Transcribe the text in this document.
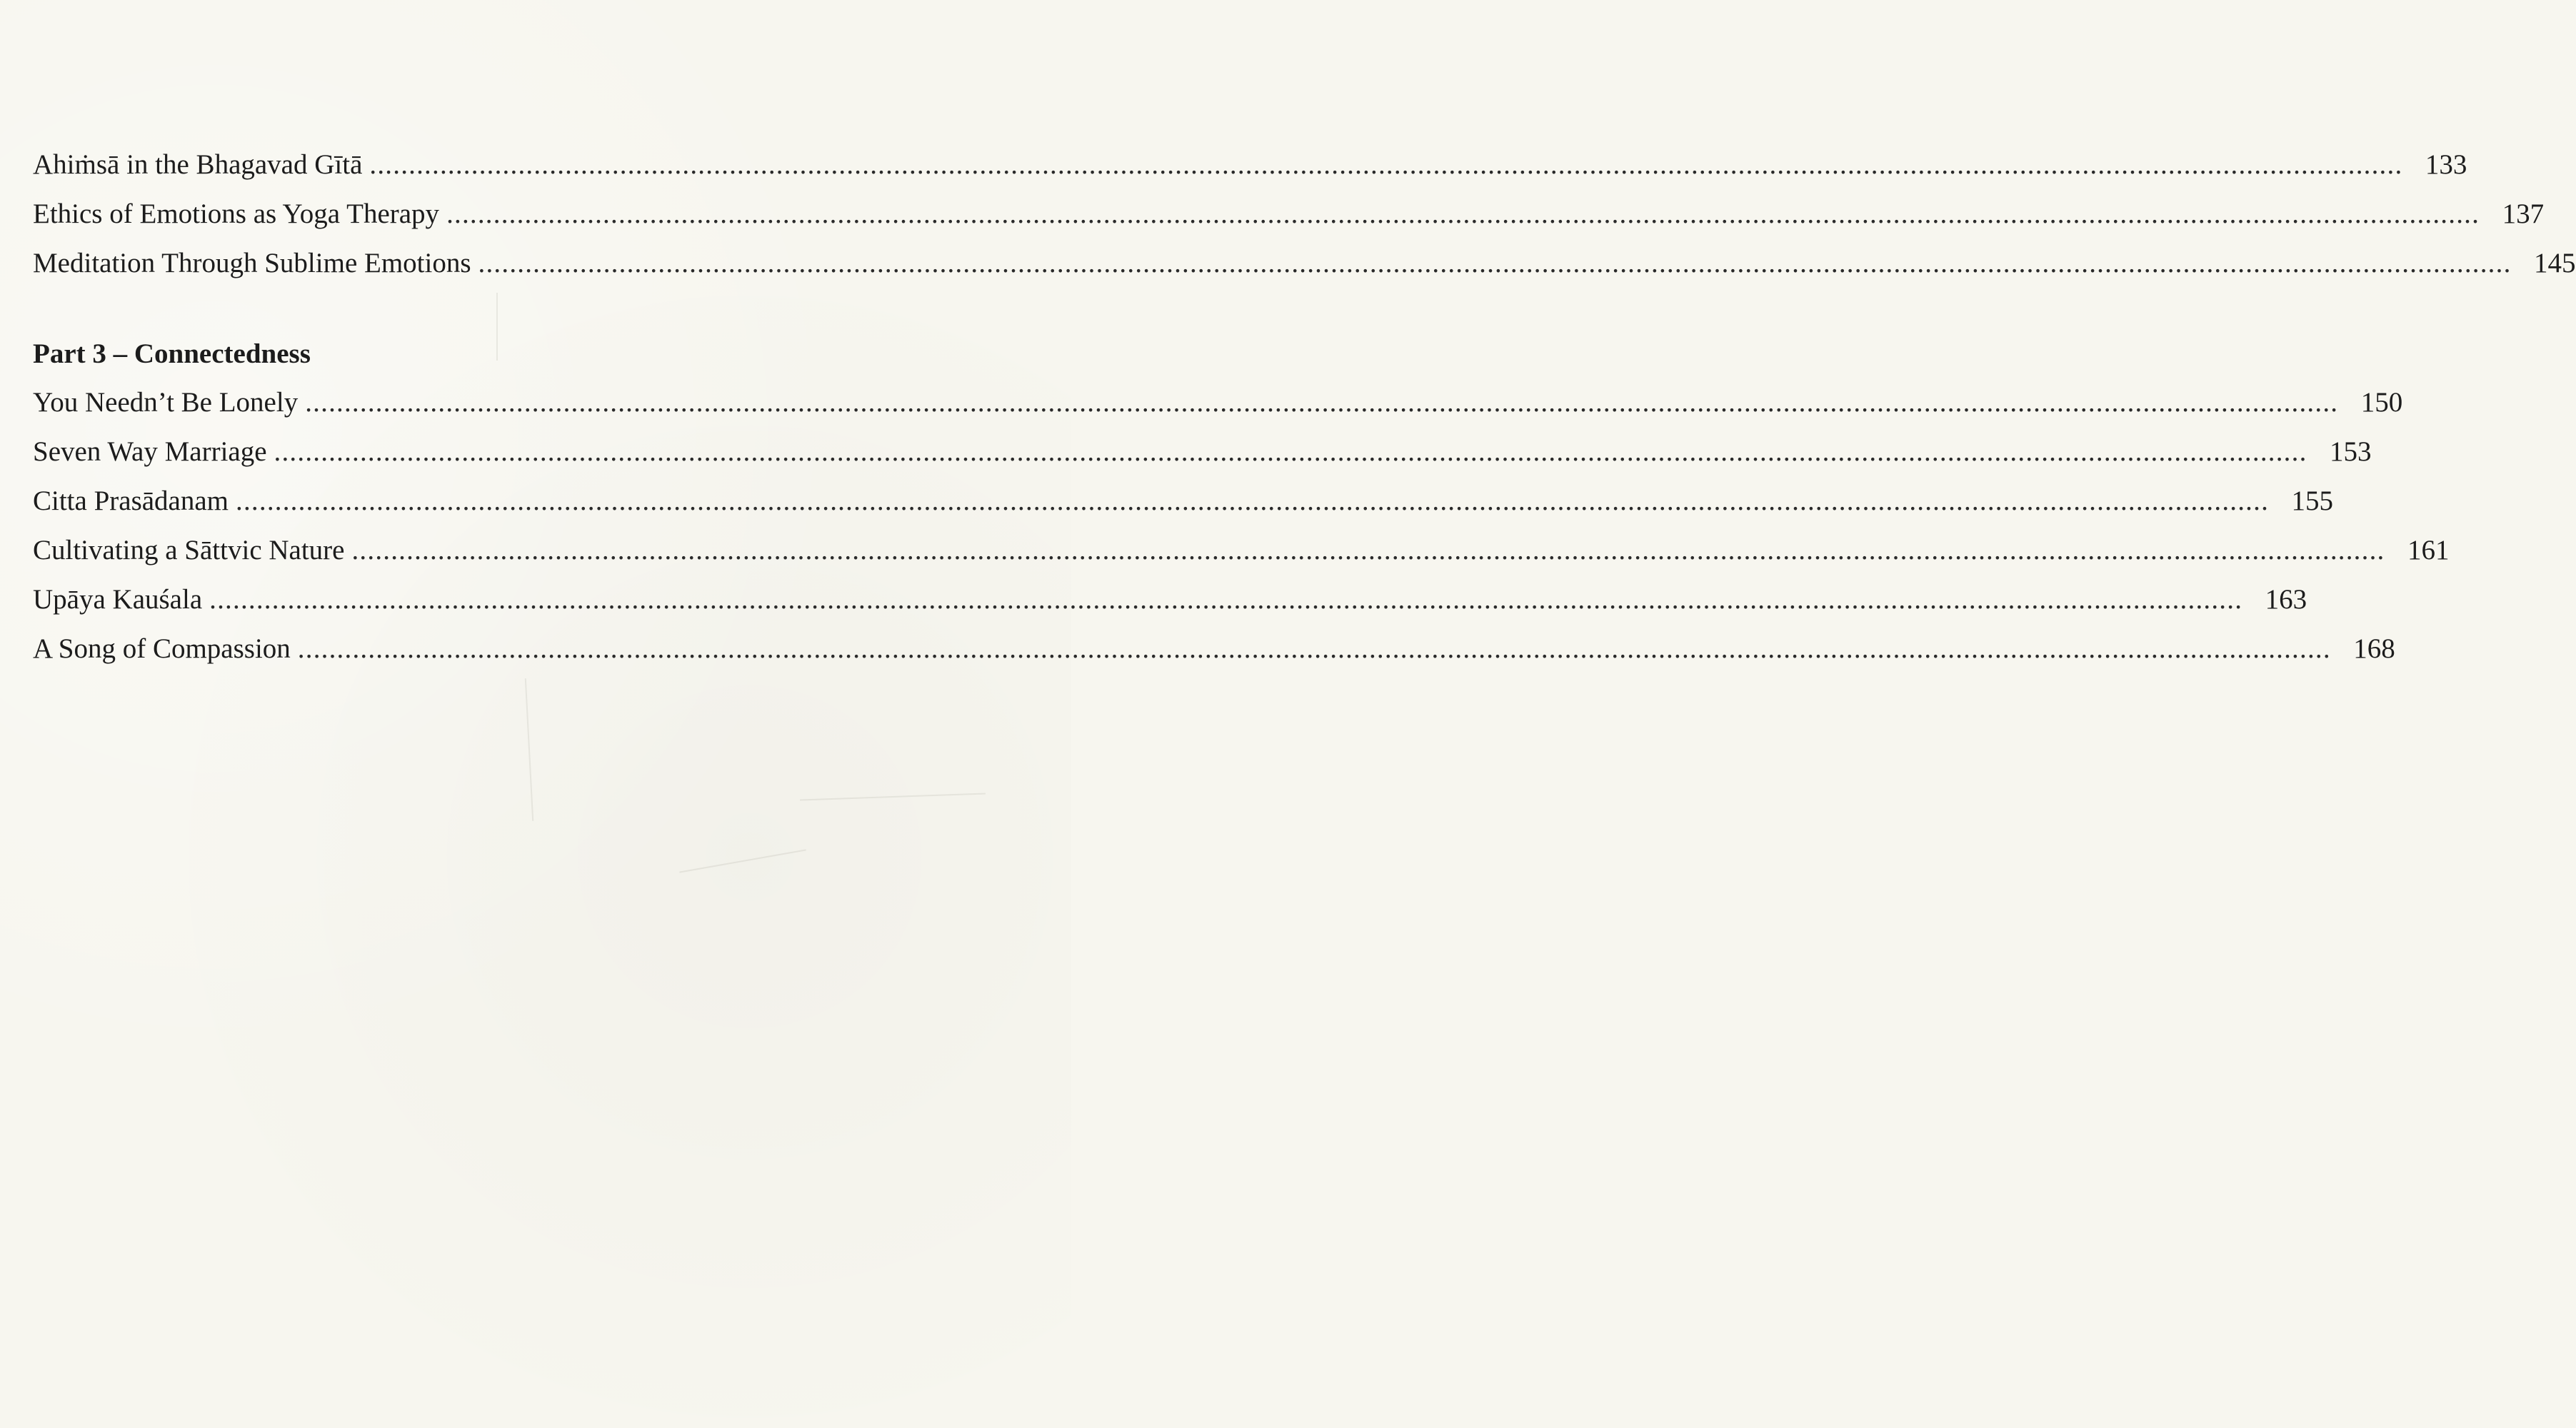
Ahiṁsā in the Bhagavad Gītā .................................................................................................................................................................................................................................................................... 133
Ethics of Emotions as Yoga Therapy .................................................................................................................................................................................................................................................................... 137
Meditation Through Sublime Emotions .................................................................................................................................................................................................................................................................... 145
Part 3 – Connectedness
You Needn’t Be Lonely .................................................................................................................................................................................................................................................................... 150
Seven Way Marriage .................................................................................................................................................................................................................................................................... 153
Citta Prasādanam .................................................................................................................................................................................................................................................................... 155
Cultivating a Sāttvic Nature .................................................................................................................................................................................................................................................................... 161
Upāya Kauśala .................................................................................................................................................................................................................................................................... 163
A Song of Compassion .................................................................................................................................................................................................................................................................... 168
